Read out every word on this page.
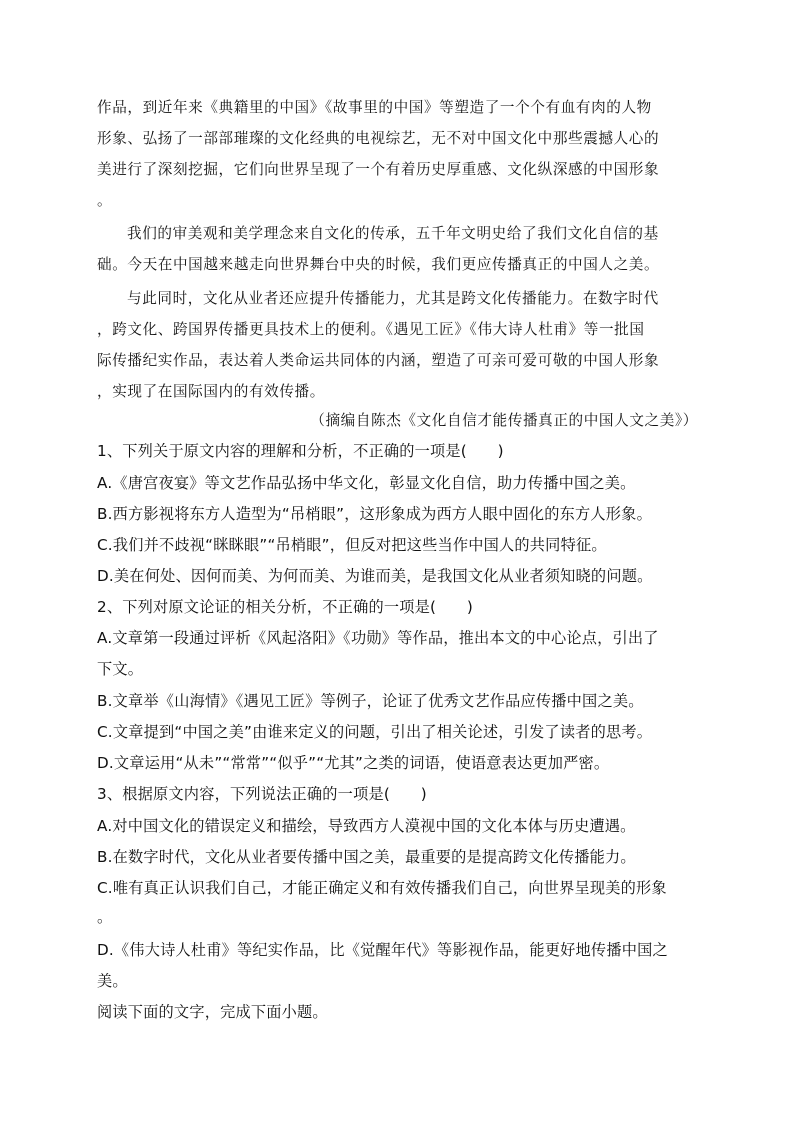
作品，到近年来《典籍里的中国》《故事里的中国》等塑造了一个个有血有肉的人物

形象、弘扬了一部部璀璨的文化经典的电视综艺，无不对中国文化中那些震撼人心的

美进行了深刻挖掘，它们向世界呈现了一个有着历史厚重感、文化纵深感的中国形象

。

我们的审美观和美学理念来自文化的传承，五千年文明史给了我们文化自信的基

础。今天在中国越来越走向世界舞台中央的时候，我们更应传播真正的中国人之美。

与此同时，文化从业者还应提升传播能力，尤其是跨文化传播能力。在数字时代

，跨文化、跨国界传播更具技术上的便利。《遇见工匠》《伟大诗人杜甫》等一批国

际传播纪实作品，表达着人类命运共同体的内涵，塑造了可亲可爱可敬的中国人形象

，实现了在国际国内的有效传播。

（摘编自陈杰《文化自信才能传播真正的中国人文之美》）

1、下列关于原文内容的理解和分析，不正确的一项是(　　)

A.《唐宫夜宴》等文艺作品弘扬中华文化，彰显文化自信，助力传播中国之美。

B.西方影视将东方人造型为“吊梢眼”，这形象成为西方人眼中固化的东方人形象。

C.我们并不歧视“眯眯眼”“吊梢眼”，但反对把这些当作中国人的共同特征。

D.美在何处、因何而美、为何而美、为谁而美，是我国文化从业者须知晓的问题。

2、下列对原文论证的相关分析，不正确的一项是(　　)

A.文章第一段通过评析《风起洛阳》《功勋》等作品，推出本文的中心论点，引出了

下文。

B.文章举《山海情》《遇见工匠》等例子，论证了优秀文艺作品应传播中国之美。

C.文章提到“中国之美”由谁来定义的问题，引出了相关论述，引发了读者的思考。

D.文章运用“从未”“常常”“似乎”“尤其”之类的词语，使语意表达更加严密。

3、根据原文内容，下列说法正确的一项是(　　)

A.对中国文化的错误定义和描绘，导致西方人漠视中国的文化本体与历史遭遇。

B.在数字时代，文化从业者要传播中国之美，最重要的是提高跨文化传播能力。

C.唯有真正认识我们自己，才能正确定义和有效传播我们自己，向世界呈现美的形象

。

D.《伟大诗人杜甫》等纪实作品，比《觉醒年代》等影视作品，能更好地传播中国之

美。

阅读下面的文字，完成下面小题。
